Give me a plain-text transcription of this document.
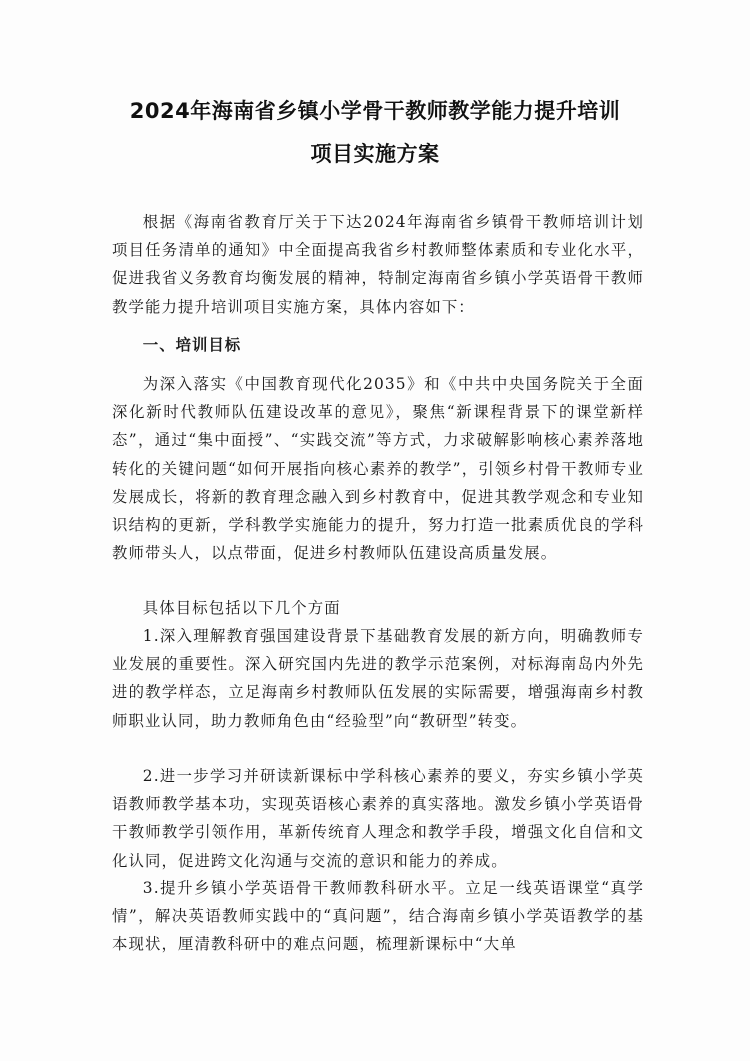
2024年海南省乡镇小学骨干教师教学能力提升培训
项目实施方案

根据《海南省教育厅关于下达2024年海南省乡镇骨干教师培训计划项目任务清单的通知》中全面提高我省乡村教师整体素质和专业化水平，促进我省义务教育均衡发展的精神，特制定海南省乡镇小学英语骨干教师教学能力提升培训项目实施方案，具体内容如下：

一、培训目标

为深入落实《中国教育现代化2035》和《中共中央国务院关于全面深化新时代教师队伍建设改革的意见》，聚焦“新课程背景下的课堂新样态”，通过“集中面授”、“实践交流”等方式，力求破解影响核心素养落地转化的关键问题“如何开展指向核心素养的教学”，引领乡村骨干教师专业发展成长，将新的教育理念融入到乡村教育中，促进其教学观念和专业知识结构的更新，学科教学实施能力的提升，努力打造一批素质优良的学科教师带头人，以点带面，促进乡村教师队伍建设高质量发展。

具体目标包括以下几个方面

1.深入理解教育强国建设背景下基础教育发展的新方向，明确教师专业发展的重要性。深入研究国内先进的教学示范案例，对标海南岛内外先进的教学样态，立足海南乡村教师队伍发展的实际需要，增强海南乡村教师职业认同，助力教师角色由“经验型”向“教研型”转变。

2.进一步学习并研读新课标中学科核心素养的要义，夯实乡镇小学英语教师教学基本功，实现英语核心素养的真实落地。激发乡镇小学英语骨干教师教学引领作用，革新传统育人理念和教学手段，增强文化自信和文化认同，促进跨文化沟通与交流的意识和能力的养成。

3.提升乡镇小学英语骨干教师教科研水平。立足一线英语课堂“真学情”，解决英语教师实践中的“真问题”，结合海南乡镇小学英语教学的基本现状，厘清教科研中的难点问题，梳理新课标中“大单
